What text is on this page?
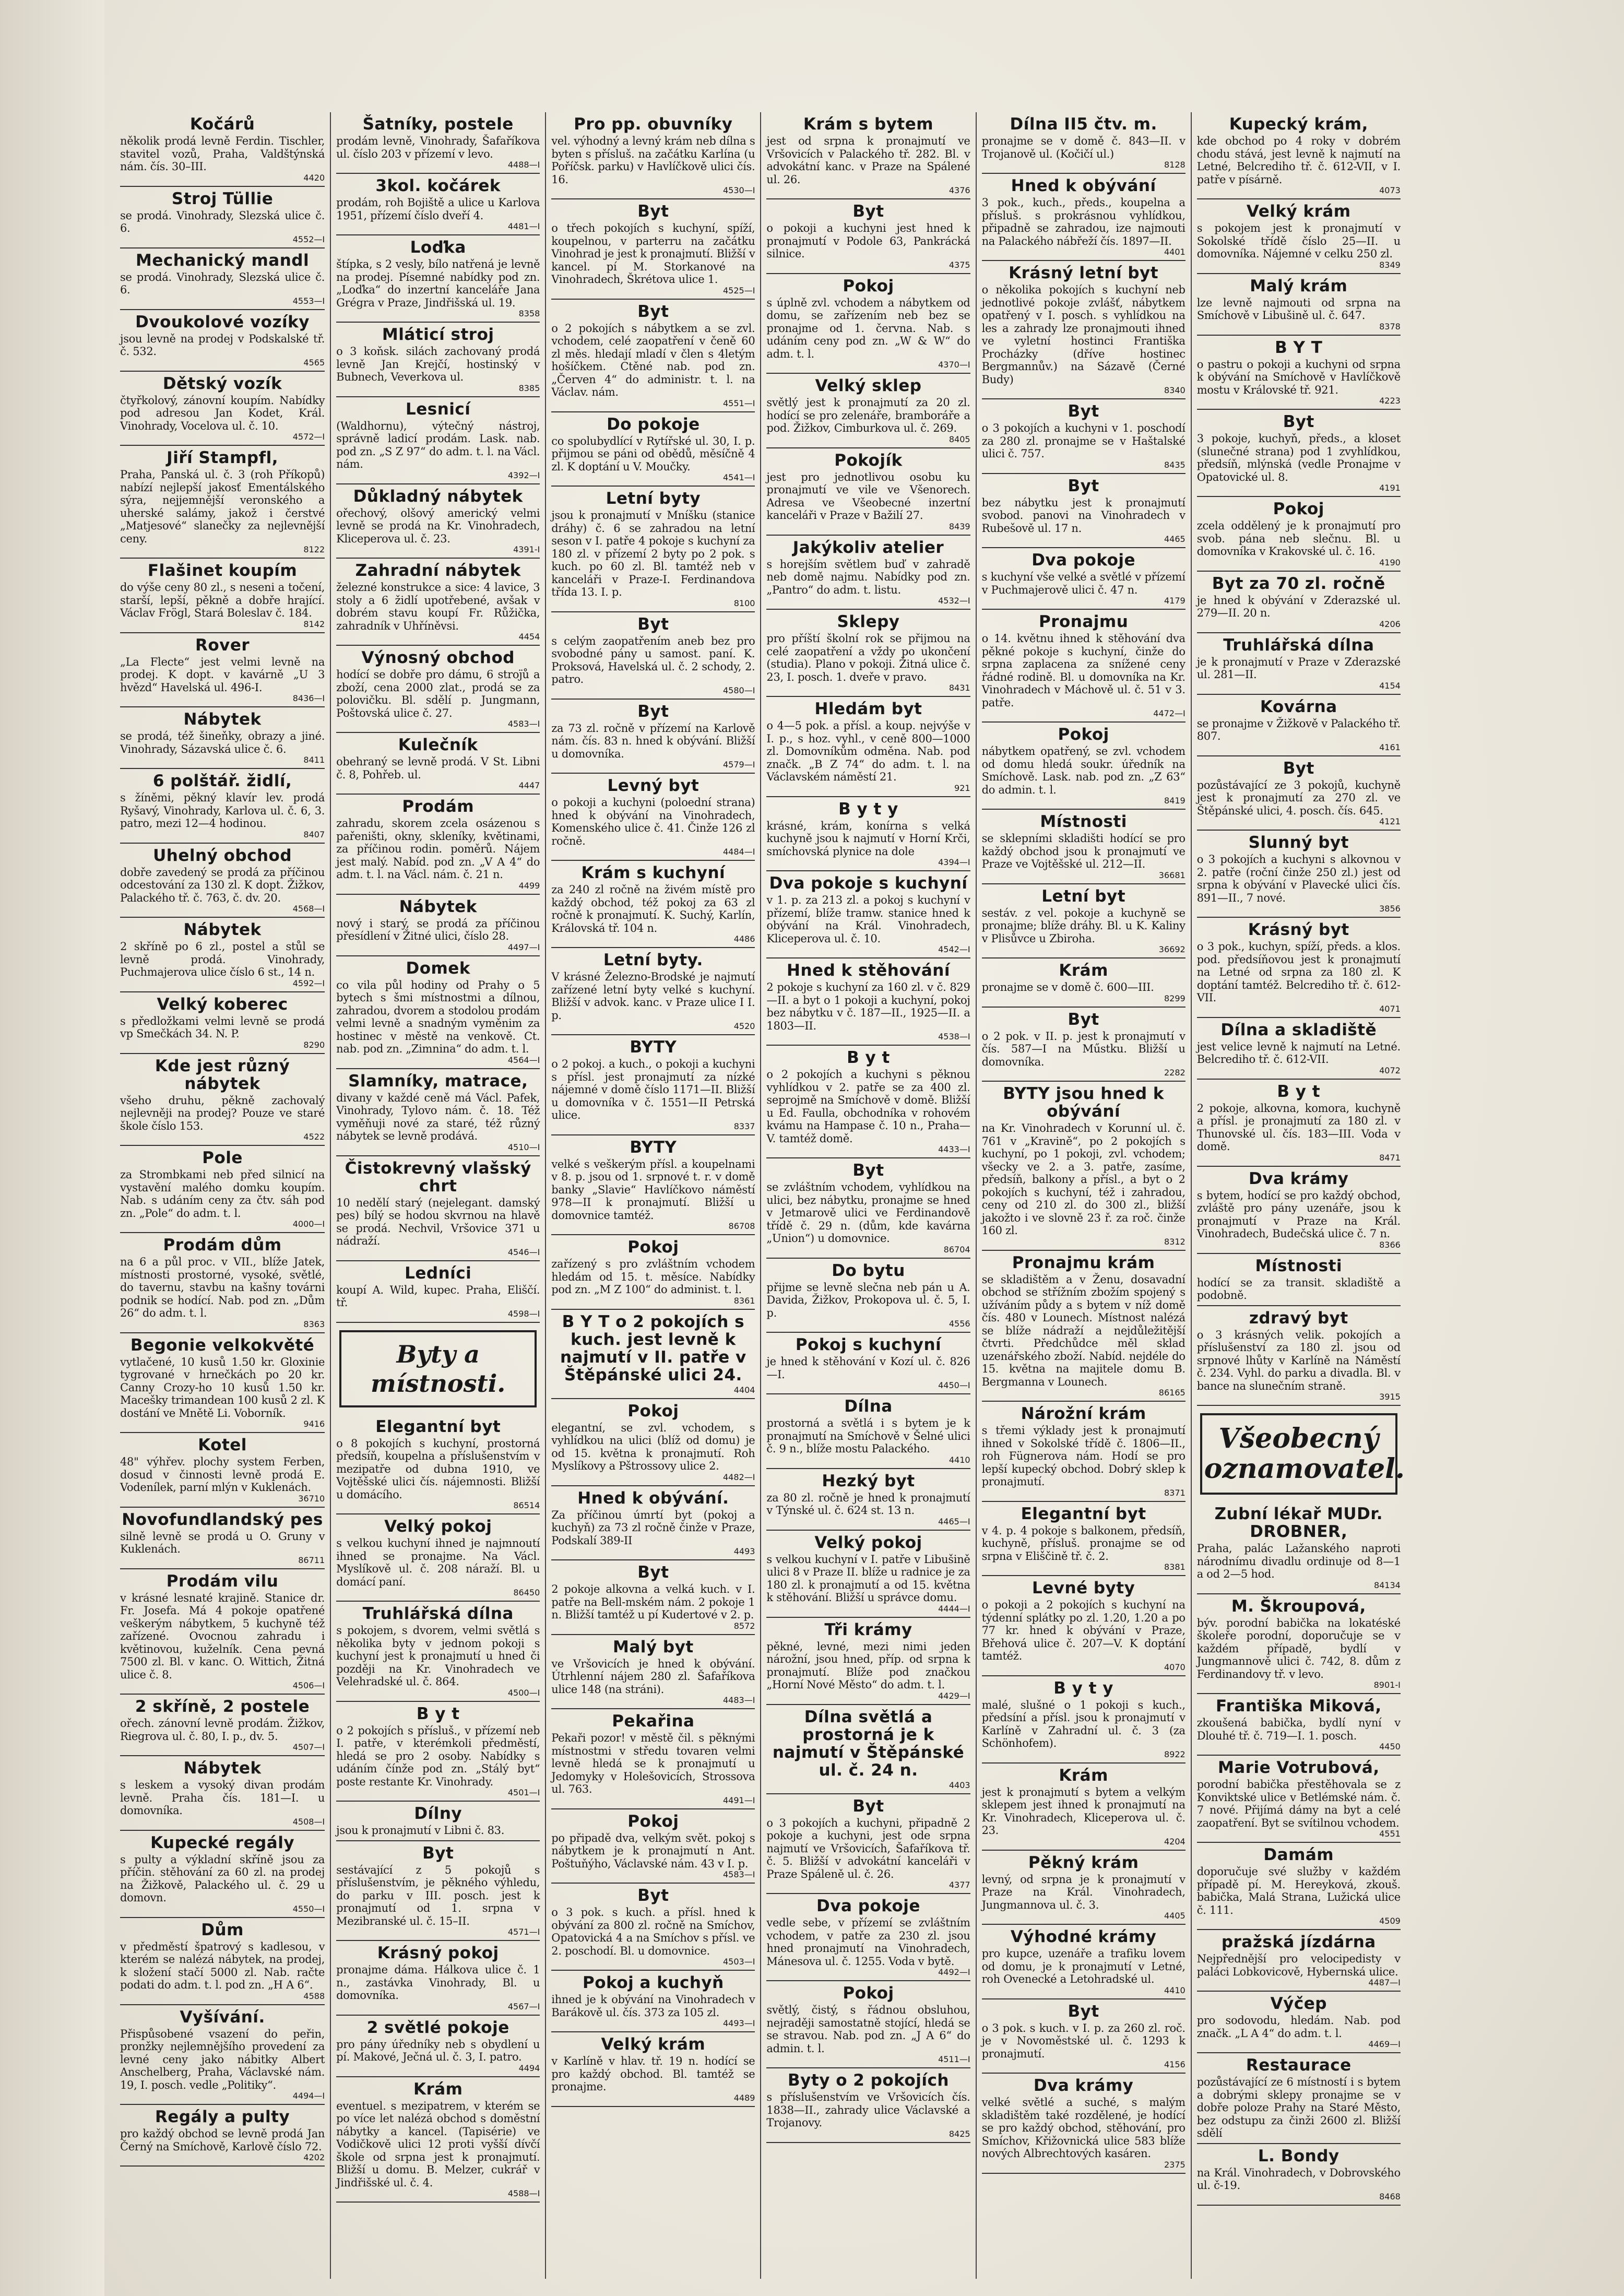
Kočárů

několik prodá levně Ferdin. Tischler, stavitel vozů, Praha, Valdštýnská nám. čís. 30–III.

4420
Stroj Tüllie

se prodá. Vinohrady, Slezská ulice č. 6.

4552—I
Mechanický mandl

se prodá. Vinohrady, Slezská ulice č. 6.

4553—I
Dvoukolové vozíky

jsou levně na prodej v Podskalské tř. č. 532.

4565
Dětský vozík

čtyřkolový, zánovní koupím. Nabídky pod adresou Jan Kodet, Král. Vinohrady, Vocelova ul. č. 10.

4572—I
Jiří Stampfl,

Praha, Panská ul. č. 3 (roh Příkopů) nabízí nejlepší jakosť Ementálského sýra, nejjemnější veronského a uherské salámy, jakož i čerstvé „Matjesové“ slanečky za nejlevnější ceny.

8122
Flašinet koupím

do výše ceny 80 zl., s neseni a točení, starší, lepší, pěkně a dobře hrající. Václav Frögl, Stará Boleslav č. 184.

8142
Rover

„La Flecte“ jest velmi levně na prodej. K dopt. v kavárně „U 3 hvězd“ Havelská ul. 496-I.

8436—I
Nábytek

se prodá, též šineňky, obrazy a jiné. Vinohrady, Sázavská ulice č. 6.

8411
6 polštář. židlí,

s žíněmi, pěkný klavír lev. prodá Ryšavý, Vinohrady, Karlova ul. č. 6, 3. patro, mezi 12—4 hodinou.

8407
Uhelný obchod

dobře zavedený se prodá za příčinou odcestování za 130 zl. K dopt. Žižkov, Palackého tř. č. 763, č. dv. 20.

4568—I
Nábytek

2 skříně po 6 zl., postel a stůl se levně prodá. Vinohrady, Puchmajerova ulice číslo 6 st., 14 n.

4592—I
Velký koberec

s předložkami velmi levně se prodá vp Smečkách 34. N. P.

8290
Kde jest různý nábytek

všeho druhu, pěkně zachovalý nejlevněji na prodej? Pouze ve staré škole číslo 153.

4522
Pole

za Strombkami neb před silnicí na vystavění malého domku koupím. Nab. s udáním ceny za čtv. sáh pod zn. „Pole“ do adm. t. l.

4000—I
Prodám dům

na 6 a půl proc. v VII., blíže Jatek, místnosti prostorné, vysoké, světlé, do tavernu, stavbu na kašny továrni podnik se hodící. Nab. pod zn. „Dům 26“ do adm. t. l.

8363
Begonie velkokvěté

vytlačené, 10 kusů 1.50 kr. Gloxinie tygrované v hrnečkách po 20 kr. Canny Crozy-ho 10 kusů 1.50 kr. Macešky trimandean 100 kusů 2 zl. K dostání ve Mnětě Li. Voborník.

9416
Kotel

48" výhřev. plochy system Ferben, dosud v činnosti levně prodá E. Vodenílek, parní mlýn v Kuklenách.

36710
Novofundlandský pes

silně levně se prodá u O. Gruny v Kuklenách.

86711
Prodám vilu

v krásné lesnaté krajině. Stanice dr. Fr. Josefa. Má 4 pokoje opatřené veškerým nábytkem, 5 kuchyně též zařízené. Ovocnou zahradu i květinovou, kuželník. Cena pevná 7500 zl. Bl. v kanc. O. Wittich, Žitná ulice č. 8.

4506—I
2 skříně, 2 postele

ořech. zánovní levně prodám. Žižkov, Riegrova ul. č. 80, I. p., dv. 5.

4507—I
Nábytek

s leskem a vysoký divan prodám levně. Praha čís. 181—I. u domovníka.

4508—I
Kupecké regály

s pulty a výkladní skříně jsou za příčin. stěhování za 60 zl. na prodej na Žižkově, Palackého ul. č. 29 u domovn.

4550—I
Dům

v předměstí špatrový s kadlesou, v kterém se nalézá nábytek, na prodej, k složení stačí 5000 zl. Nab. račte podati do adm. t. l. pod zn. „H A 6“.

4588
Vyšívání.

Přispůsobené vsazení do peřin, pronžky nejlemnějšího provedení za levné ceny jako nábitky Albert Anschelberg, Praha, Václavské nám. 19, I. posch. vedle „Politiky“.

4494—I
Regály a pulty

pro každý obchod se levně prodá Jan Černý na Smíchově, Karlově číslo 72.

4202
Šatníky, postele

prodám levně, Vinohrady, Šafaříkova ul. číslo 203 v přízemí v levo.

4488—I
3kol. kočárek

prodám, roh Bojiště a ulice u Karlova 1951, přízemí číslo dveří 4.

4481—I
Loďka

štípka, s 2 vesly, bílo natřená je levně na prodej. Písemné nabídky pod zn. „Loďka“ do inzertní kanceláře Jana Grégra v Praze, Jindřišská ul. 19.

8358
Mláticí stroj

o 3 koňsk. silách zachovaný prodá levně Jan Krejčí, hostinský v Bubnech, Veverkova ul.

8385
Lesnicí

(Waldhornu), výtečný nástroj, správně ladicí prodám. Lask. nab. pod zn. „S Z 97“ do adm. t. l. na Václ. nám.

4392—I
Důkladný nábytek

ořechový, olšový americký velmi levně se prodá na Kr. Vinohradech, Kliceperova ul. č. 23.

4391-I
Zahradní nábytek

železné konstrukce a sice: 4 lavice, 3 stoly a 6 židlí upotřebené, avšak v dobrém stavu koupí Fr. Růžička, zahradník v Uhříněvsi.

4454
Výnosný obchod

hodící se dobře pro dámu, 6 stroj̈ů a zboží, cena 2000 zlat., prodá se za polovičku. Bl. sdělí p. Jungmann, Poštovská ulice č. 27.

4583—I
Kulečník

obehraný se levně prodá. V St. Libni č. 8, Pohřeb. ul.

4447
Prodám

zahradu, skorem zcela osázenou s pařeništi, okny, skleníky, květinami, za příčinou rodin. poměrů. Nájem jest malý. Nabíd. pod zn. „V A 4“ do adm. t. l. na Václ. nám. č. 21 n.

4499
Nábytek

nový i starý, se prodá za příčinou přesídlení v Žitné ulici, číslo 28.

4497—I
Domek

co vila půl hodiny od Prahy o 5 bytech s šmi místnostmi a dílnou, zahradou, dvorem a stodolou prodám velmi levně a snadným vyměnim za hostinec v městě na venkově. Ct. nab. pod zn. „Zimnina“ do adm. t. l.

4564—I
Slamníky, matrace,

divany v každé ceně má Václ. Pafek, Vinohrady, Tylovo nám. č. 18. Též vyměňuji nové za staré, též různý nábytek se levně prodává.

4510—I
Čistokrevný vlašský chrt

10 nedělí starý (nejelegant. damský pes) bílý se hodou skvrnou na hlavě se prodá. Nechvil, Vršovice 371 u nádraží.

4546—I
Ledníci

koupí A. Wild, kupec. Praha, Eliščí. tř.

4598—I
Byty a místnosti.
Elegantní byt

o 8 pokojích s kuchyní, prostorná předsíň, koupelna a příslušenstvím v mezipatře od dubna 1910, ve Vojtěšské ulici čís. nájemnosti. Bližší u domácího.

86514
Velký pokoj

s velkou kuchyní ihned je najmnoutí ihned se pronajme. Na Václ. Myslíkově ul. č. 208 náraží. Bl. u domácí paní.

86450
Truhlářská dílna

s pokojem, s dvorem, velmi světlá s několika byty v jednom pokoji s kuchyní jest k pronajmutí u hned či později na Kr. Vinohradech ve Velehradské ul. č. 864.

4500—I
B y t

o 2 pokojích s přísluš., v přízemí neb I. patře, v kterémkoli předměstí, hledá se pro 2 osoby. Nabídky s udáním čínže pod zn. „Stálý byt“ poste restante Kr. Vinohrady.

4501—I
Dílny

jsou k pronajmutí v Libni č. 83.

Byt

sestávající z 5 pokojů s příslušenstvím, je pěkného výhledu, do parku v III. posch. jest k pronajmutí od 1. srpna v Mezibranské ul. č. 15–II.

4571—I
Krásný pokoj

pronajme dáma. Hálkova ulice č. 1 n., zastávka Vinohrady, Bl. u domovníka.

4567—I
2 světlé pokoje

pro pány úředníky neb s obydlení u pí. Makové, Ječná ul. č. 3, I. patro.

4494
Krám

eventuel. s mezipatrem, v kterém se po více let nalézá obchod s doměstní nábytky a kancel. (Tapisérie) ve Vodičkově ulici 12 proti vyšší dívčí škole od srpna jest k pronajmutí. Bližší u domu. B. Melzer, cukrář v Jindřišské ul. č. 4.

4588—I
Pro pp. obuvníky

vel. výhodný a levný krám neb dílna s byten s přísluš. na začátku Karlína (u Poříčsk. parku) v Havlíčkově ulici čís. 16.

4530—I
Byt

o třech pokojích s kuchyní, spíží, koupelnou, v parterru na začátku Vinohrad je jest k pronajmutí. Bližší v kancel. pí M. Storkanové na Vinohradech, Škrétova ulice 1.

4525—I
Byt

o 2 pokojích s nábytkem a se zvl. vchodem, celé zaopatření v čeně 60 zl měs. hledají mladí v člen s 4letým hošíčkem. Ctěné nab. pod zn. „Červen 4“ do administr. t. l. na Václav. nám.

4551—I
Do pokoje

co spolubydlící v Rytířské ul. 30, I. p. přijmou se páni od obědů, měsíčně 4 zl. K doptání u V. Moučky.

4541—I
Letní byty

jsou k pronajmutí v Mníšku (stanice dráhy) č. 6 se zahradou na letní seson v I. patře 4 pokoje s kuchyní za 180 zl. v přízemí 2 byty po 2 pok. s kuch. po 60 zl. Bl. tamtéž neb v kanceláři v Praze-I. Ferdinandova třída 13. I. p.

8100
Byt

s celým zaopatřením aneb bez pro svobodné pány u samost. paní. K. Proksová, Havelská ul. č. 2 schody, 2. patro.

4580—I
Byt

za 73 zl. ročně v přízemí na Karlově nám. čís. 83 n. hned k obývání. Bližší u domovníka.

4579—I
Levný byt

o pokoji a kuchyni (poloední strana) hned k obývání na Vinohradech, Komenského ulice č. 41. Činže 126 zl ročně.

4484—I
Krám s kuchyní

za 240 zl ročně na živém místě pro každý obchod, též pokoj za 63 zl ročně k pronajmutí. K. Suchý, Karlín, Královská tř. 104 n.

4486
Letní byty.

V krásné Železno-Brodské je najmutí zařízené letní byty velké s kuchyní. Bližší v advok. kanc. v Praze ulice I I. p.

4520
BYTY

o 2 pokoj. a kuch., o pokoji a kuchyni s přísl. jest pronajmutí za nízké nájemné v domě číslo 1171—II. Bližší u domovníka v č. 1551—II Petrská ulice.

8337
BYTY

velké s veškerým přísl. a koupelnami v 8. p. jsou od 1. srpnové t. r. v domě banky „Slavie“ Havlíčkovo náměstí 978—II k pronajmutí. Bližší u domovnice tamtéž.

86708
Pokoj

zařízený s pro zvláštním vchodem hledám od 15. t. měsíce. Nabídky pod zn. „M Z 100“ do administ. t. l.

8361
B Y T o 2 pokojích s kuch. jest levně k najmutí v II. patře v Štěpánské ulici 24.
4404
Pokoj

elegantní, se zvl. vchodem, s vyhlídkou na ulici (blíž od domu) je od 15. května k pronajmutí. Roh Myslíkovy a Pštrossovy ulice 2.

4482—I
Hned k obývání.

Za příčinou úmrtí byt (pokoj a kuchyň) za 73 zl ročně činže v Praze, Podskalí 389-II

4493
Byt

2 pokoje alkovna a velká kuch. v I. patře na Bell-mském nám. 2 pokoje 1 n. Bližší tamtéž u pí Kudertové v 2. p.

8572
Malý byt

ve Vršovicích je hned k obývání. Útrhlenní nájem 280 zl. Šafaříkova ulice 148 (na stráni).

4483—I
Pekařina

Pekaři pozor! v městě čil. s pěknými místnostmi v středu tovaren velmi levně hledá se k pronajmutí u Jedomyky v Holešovicích, Strossova ul. 763.

4491—I
Pokoj

po připadě dva, velkým svět. pokoj s nábytkem je k pronajmutí n Ant. Poštuňýho, Václavské nám. 43 v I. p.

4583—I
Byt

o 3 pok. s kuch. a přísl. hned k obývání za 800 zl. ročně na Smíchov, Opatovická 4 a na Smíchov s přísl. ve 2. poschodí. Bl. u domovnice.

4503—I
Pokoj a kuchyň

ihned je k obývání na Vinohradech v Barákově ul. čís. 373 za 105 zl.

4493—I
Velký krám

v Karlíně v hlav. tř. 19 n. hodící se pro každý obchod. Bl. tamtéž se pronajme.

4489
Krám s bytem

jest od srpna k pronajmutí ve Vršovicích v Palackého tř. 282. Bl. v advokátní kanc. v Praze na Spálené ul. 26.

4376
Byt

o pokoji a kuchyni jest hned k pronajmutí v Podole 63, Pankrácká silnice.

4375
Pokoj

s úplně zvl. vchodem a nábytkem od domu, se zařízením neb bez se pronajme od 1. června. Nab. s udáním ceny pod zn. „W & W“ do adm. t. l.

4370—I
Velký sklep

světlý jest k pronajmutí za 20 zl. hodící se pro zelenáře, bramboráře a pod. Žižkov, Cimburkova ul. č. 269.

8405
Pokojík

jest pro jednotlivou osobu ku pronajmutí ve vile ve Všenorech. Adresa ve Všeobecné inzertní kanceláři v Praze v Bažilí 27.

8439
Jakýkoliv atelier

s horejším světlem buď v zahradě neb domě najmu. Nabídky pod zn. „Pantro“ do adm. t. listu.

4532—I
Sklepy

pro příští školní rok se přijmou na celé zaopatření a vždy po ukončení (studia). Plano v pokoji. Žitná ulice č. 23, I. posch. 1. dveře v pravo.

8431
Hledám byt

o 4—5 pok. a přísl. a koup. nejvýše v I. p., s hoz. vyhl., v ceně 800—1000 zl. Domovníkům odměna. Nab. pod značk. „B Z 74“ do adm. t. l. na Václavském náměstí 21.

921
B y t y

krásné, krám, konírna s velká kuchyně jsou k najmutí v Horní Krči, smíchovská plynice na dole

4394—I
Dva pokoje s kuchyní

v 1. p. za 213 zl. a pokoj s kuchyní v přízemí, blíže tramw. stanice hned k obývání na Král. Vinohradech, Kliceperova ul. č. 10.

4542—I
Hned k stěhování

2 pokoje s kuchyní za 160 zl. v č. 829—II. a byt o 1 pokoji a kuchyní, pokoj bez nábytku v č. 187—II., 1925—II. a 1803—II.

4538—I
B y t

o 2 pokojích a kuchyni s pěknou vyhlídkou v 2. patře se za 400 zl. seprojmě na Smíchově v domě. Bližší u Ed. Faulla, obchodníka v rohovém kvámu na Hampase č. 10 n., Praha—V. tamtéž domě.

4433—I
Byt

se zvláštním vchodem, vyhlídkou na ulici, bez nábytku, pronajme se hned v Jetmarově ulici ve Ferdinandově třídě č. 29 n. (dům, kde kavárna „Union“) u domovnice.

86704
Do bytu

přijme se levně slečna neb pán u A. Davida, Žižkov, Prokopova ul. č. 5, I. p.

4556
Pokoj s kuchyní

je hned k stěhování v Kozí ul. č. 826—I.

4450—I
Dílna

prostorná a světlá i s bytem je k pronajmutí na Smíchově v Šelné ulici č. 9 n., blíže mostu Palackého.

4410
Hezký byt

za 80 zl. ročně je hned k pronajmutí v Týnské ul. č. 624 st. 13 n.

4465—I
Velký pokoj

s velkou kuchyní v I. patře v Libušině ulici 8 v Praze II. blíže u radnice je za 180 zl. k pronajmutí a od 15. května k stěhování. Bližší u správce domu.

4444—I
Tři krámy

pěkné, levné, mezi nimi jeden nárožní, jsou hned, příp. od srpna k pronajmutí. Blíže pod značkou „Horní Nové Město“ do adm. t. l.

4429—I
Dílna světlá a prostorná je k najmutí v Štěpánské ul. č. 24 n.
4403
Byt

o 3 pokojích a kuchyni, připadně 2 pokoje a kuchyni, jest ode srpna najmutí ve Vršovicích, Šafaříkova tř. č. 5. Bližší v advokátní kanceláři v Praze Spáleně ul. č. 26.

4377
Dva pokoje

vedle sebe, v přízemí se zvláštním vchodem, v patře za 230 zl. jsou hned pronajmutí na Vinohradech, Mánesova ul. č. 1255. Voda v bytě.

4492—I
Pokoj

světlý, čistý, s řádnou obsluhou, nejraději samostatně stojící, hledá se se stravou. Nab. pod zn. „J A 6“ do admin. t. l.

4511—I
Byty o 2 pokojích

s příslušenstvím ve Vršovicích čís. 1838—II., zahrady ulice Václavské a Trojanovy.

8425
Dílna II5 čtv. m.

pronajme se v domě č. 843—II. v Trojanově ul. (Kočičí ul.)

8128
Hned k obývání

3 pok., kuch., předs., koupelna a přísluš. s prokrásnou vyhlídkou, připadně se zahradou, ize najmouti na Palackého nábřeží čís. 1897—II.

4401
Krásný letní byt

o několika pokojích s kuchyní neb jednotlivé pokoje zvlášť, nábytkem opatřený v I. posch. s vyhlídkou na les a zahrady lze pronajmouti ihned ve vyletní hostinci Františka Procházky (dříve hostinec Bergmannův.) na Sázavě (Černé Budy)

8340
Byt

o 3 pokojích a kuchyni v 1. poschodí za 280 zl. pronajme se v Haštalské ulici č. 757.

8435
Byt

bez nábytku jest k pronajmutí svobod. panovi na Vinohradech v Rubešově ul. 17 n.

4465
Dva pokoje

s kuchyní vše velké a světlé v přízemí v Puchmajerově ulici č. 47 n.

4179
Pronajmu

o 14. květnu ihned k stěhování dva pěkné pokoje s kuchyní, činže do srpna zaplacena za snížené ceny řádné rodině. Bl. u domovníka na Kr. Vinohradech v Máchově ul. č. 51 v 3. patře.

4472—I
Pokoj

nábytkem opatřený, se zvl. vchodem od domu hledá soukr. úředník na Smíchově. Lask. nab. pod zn. „Z 63“ do admin. t. l.

8419
Místnosti

se sklepními skladišti hodící se pro každý obchod jsou k pronajmutí ve Praze ve Vojtěšské ul. 212—II.

36681
Letní byt

sestáv. z vel. pokoje a kuchyně se pronajme; blíže dráhy. Bl. u K. Kaliny v Plisůvce u Zbiroha.

36692
Krám

pronajme se v domě č. 600—III.

8299
Byt

o 2 pok. v II. p. jest k pronajmutí v čís. 587—I na Műstku. Bližší u domovníka.

2282
BYTY jsou hned k obývání

na Kr. Vinohradech v Korunní ul. č. 761 v „Kravině“, po 2 pokojích s kuchyní, po 1 pokoji, zvl. vchodem; všecky ve 2. a 3. patře, zasíme, předsíň, balkony a přísl., a byt o 2 pokojích s kuchyní, též i zahradou, ceny od 210 zl. do 300 zl., bližší jakožto i ve slovně 23 ř. za roč. činže 160 zl.

8312
Pronajmu krám

se skladištěm a v Ženu, dosavadní obchod se střížním zbožím spojený s užíváním půdy a s bytem v níž domě čís. 480 v Lounech. Místnost nalézá se blíže nádraží a nejdůležitější čtvrti. Předchůdce měl sklad uzenářského zboží. Nabíd. nejdéle do 15. května na majitele domu B. Bergmanna v Lounech.

86165
Nárožní krám

s třemi výklady jest k pronajmutí ihned v Sokolské třídě č. 1806—II., roh Fügnerova nám. Hodí se pro lepší kupecký obchod. Dobrý sklep k pronajmutí.

8371
Elegantní byt

v 4. p. 4 pokoje s balkonem, předsíň, kuchyně, přísluš. pronajme se od srpna v Eliščině tř. č. 2.

8381
Levné byty

o pokoji a 2 pokojích s kuchyní na týdenní splátky po zl. 1.20, 1.20 a po 77 kr. hned k obývání v Praze, Břehová ulice č. 207—V. K doptání tamtéž.

4070
B y t y

malé, slušné o 1 pokoji s kuch., předsíní a přísl. jsou k pronajmutí v Karlíně v Zahradní ul. č. 3 (za Schönhofem).

8922
Krám

jest k pronajmutí s bytem a velkým sklepem jest ihned k pronajmutí na Kr. Vinohradech, Kliceperova ul. č. 23.

4204
Pěkný krám

levný, od srpna je k pronajmutí v Praze na Král. Vinohradech, Jungmannova ul. č. 3.

4405
Výhodné krámy

pro kupce, uzenáře a trafiku lovem od domu, je k pronajmutí v Letné, roh Ovenecké a Letohradské ul.

4410
Byt

o 3 pok. s kuch. v I. p. za 260 zl. roč. je v Novoměstské ul. č. 1293 k pronajmutí.

4156
Dva krámy

velké světlé a suché, s malým skladištěm také rozdělené, je hodící se pro každý obchod, stěhování, pro Smíchov, Křižovnická ulice 583 blíže nových Albrechtových kasáren.

2375
Kupecký krám,

kde obchod po 4 roky v dobrém chodu stává, jest levně k najmutí na Letné, Belcrediho tř. č. 612-VII, v I. patře v písárně.

4073
Velký krám

s pokojem jest k pronajmutí v Sokolské třídě číslo 25—II. u domovníka. Nájemné v celku 250 zl.

8349
Malý krám

lze levně najmouti od srpna na Smíchově v Libušině ul. č. 647.

8378
B Y T

o pastru o pokoji a kuchyni od srpna k obývání na Smíchově v Havlíčkově mostu v Královské tř. 921.

4223
Byt

3 pokoje, kuchyň, předs., a kloset (slunečné strana) pod 1 zvyhlídkou, předsíň, mlýnská (vedle Pronajme v Opatovické ul. 8.

4191
Pokoj

zcela oddělený je k pronajmutí pro svob. pána neb slečnu. Bl. u domovníka v Krakovské ul. č. 16.

4190
Byt za 70 zl. ročně

je hned k obývání v Zderazské ul. 279—II. 20 n.

4206
Truhlářská dílna

je k pronajmutí v Praze v Zderazské ul. 281—II.

4154
Kovárna

se pronajme v Žižkově v Palackého tř. 807.

4161
Byt

pozůstávající ze 3 pokojů, kuchyně jest k pronajmutí za 270 zl. ve Štěpánské ulici, 4. posch. čís. 645.

4121
Slunný byt

o 3 pokojích a kuchyni s alkovnou v 2. patře (roční činže 250 zl.) jest od srpna k obývání v Plavecké ulici čís. 891—II., 7 nové.

3856
Krásný byt

o 3 pok., kuchyn, spíží, předs. a klos. pod. předsíňovou jest k pronajmutí na Letné od srpna za 180 zl. K doptání tamtéž. Belcrediho tř. č. 612-VII.

4071
Dílna a skladiště

jest velice levně k najmutí na Letné. Belcrediho tř. č. 612-VII.

4072
B y t

2 pokoje, alkovna, komora, kuchyně a přísl. je pronajmutí za 180 zl. v Thunovské ul. čís. 183—III. Voda v domě.

8471
Dva krámy

s bytem, hodící se pro každý obchod, zvláště pro pány uzenáře, jsou k pronajmutí v Praze na Král. Vinohradech, Budečská ulice č. 7 n.

8366
Místnosti

hodící se za transit. skladiště a podobně.

zdravý byt

o 3 krásných velik. pokojích a příslušenství za 180 zl. jsou od srpnové lhůty v Karlíně na Náměstí č. 234. Vyhl. do parku a divadla. Bl. v bance na slunečním straně.

3915
Všeobecný oznamovatel.
Zubní lékař MUDr. DROBNER,

Praha, palác Lažanského naproti národnímu divadlu ordinuje od 8—1 a od 2—5 hod.

84134
M. Škroupová,

býv. porodní babička na lokatéské školeře porodní, doporučuje se v každém případě, bydlí v Jungmannově ulici č. 742, 8. dům z Ferdinandovy tř. v levo.

8901-I
Františka Miková,

zkoušená babička, bydlí nyní v Dlouhé tř. č. 719—I. 1. posch.

4450
Marie Votrubová,

porodní babička přestěhovala se z Konviktské ulice v Betlémské nám. č. 7 nové. Přijímá dámy na byt a celé zaopatření. Byt se svítilnou vchodem.

4551
Damám

doporučuje své služby v každém případě pí. M. Hereyková, zkouš. babička, Malá Strana, Lužická ulice č. 111.

4509
pražská jízdárna

Nejpřednější pro velocipedisty v paláci Lobkovicově, Hybernská ulice.

4487—I
Výčep

pro sodovodu, hledám. Nab. pod značk. „L A 4“ do adm. t. l.

4469—I
Restaurace

pozůstávající ze 6 místností i s bytem a dobrými sklepy pronajme se v dobře poloze Prahy na Staré Město, bez odstupu za činži 2600 zl. Bližší sdělí

L. Bondy

na Král. Vinohradech, v Dobrovského ul. č-19.

8468
